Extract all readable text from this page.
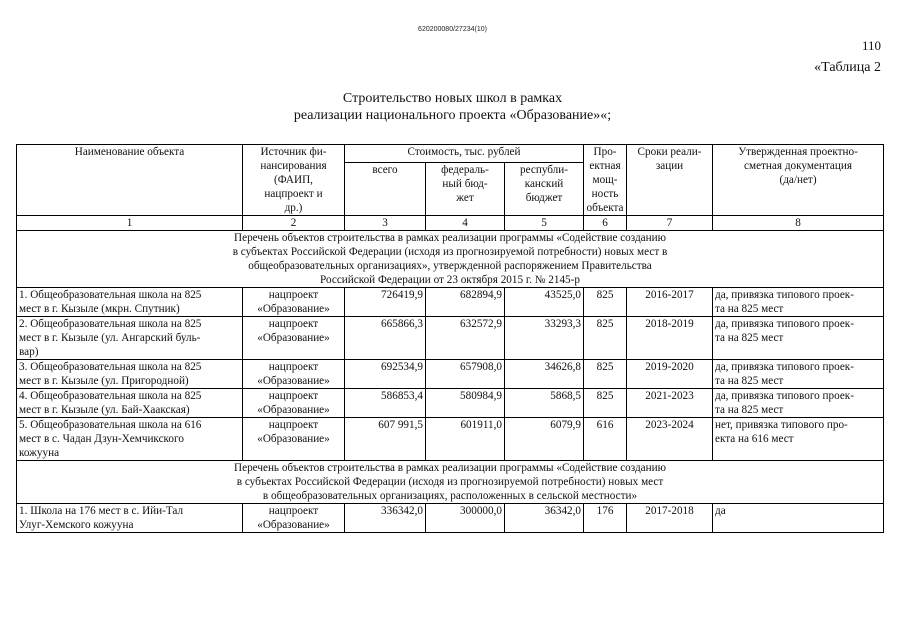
620200080/27234(10)
110
«Таблица 2
Строительство новых школ в рамках
реализации национального проекта «Образование»«;
Наименование объекта	Источник фи-
нансирования
(ФАИП,
нацпроект и
др.)	Стоимость, тыс. рублей			Про-
ектная
мощ-
ность
объекта	Сроки реали-
зации	Утвержденная проектно-
сметная документация
(да/нет)

		всего	федераль-
ный бюд-
жет	республи-
канский
бюджет			

1	2	3	4	5	6	7	8

Перечень объектов строительства в рамках реализации программы «Содействие созданию
в субъектах Российской Федерации (исходя из прогнозируемой потребности) новых мест в
общеобразовательных организациях», утвержденной распоряжением Правительства
Российской Федерации от 23 октября 2015 г. № 2145-р							

1. Общеобразовательная школа на 825
мест в г. Кызыле (мкрн. Спутник)	нацпроект
«Образование»	726419,9	682894,9	43525,0	825	2016-2017	да, привязка типового проек-
та на 825 мест

2. Общеобразовательная школа на 825
мест в г. Кызыле (ул. Ангарский буль-
вар)	нацпроект
«Образование»	665866,3	632572,9	33293,3	825	2018-2019	да, привязка типового проек-
та на 825 мест

3. Общеобразовательная школа на 825
мест в г. Кызыле (ул. Пригородной)	нацпроект
«Образование»	692534,9	657908,0	34626,8	825	2019-2020	да, привязка типового проек-
та на 825 мест

4. Общеобразовательная школа на 825
мест в г. Кызыле (ул. Бай-Хаакская)	нацпроект
«Образование»	586853,4	580984,9	5868,5	825	2021-2023	да, привязка типового проек-
та на 825 мест

5. Общеобразовательная школа на 616
мест в с. Чадан Дзун-Хемчикского
кожууна	нацпроект
«Образование»	607 991,5	601911,0	6079,9	616	2023-2024	нет, привязка типового про-
екта на 616 мест

Перечень объектов строительства в рамках реализации программы «Содействие созданию
в субъектах Российской Федерации (исходя из прогнозируемой потребности) новых мест
в общеобразовательных организациях, расположенных в сельской местности»							

1. Школа на 176 мест в с. Ийи-Тал
Улуг-Хемского кожууна	нацпроект
«Образование»	336342,0	300000,0	36342,0	176	2017-2018	да
